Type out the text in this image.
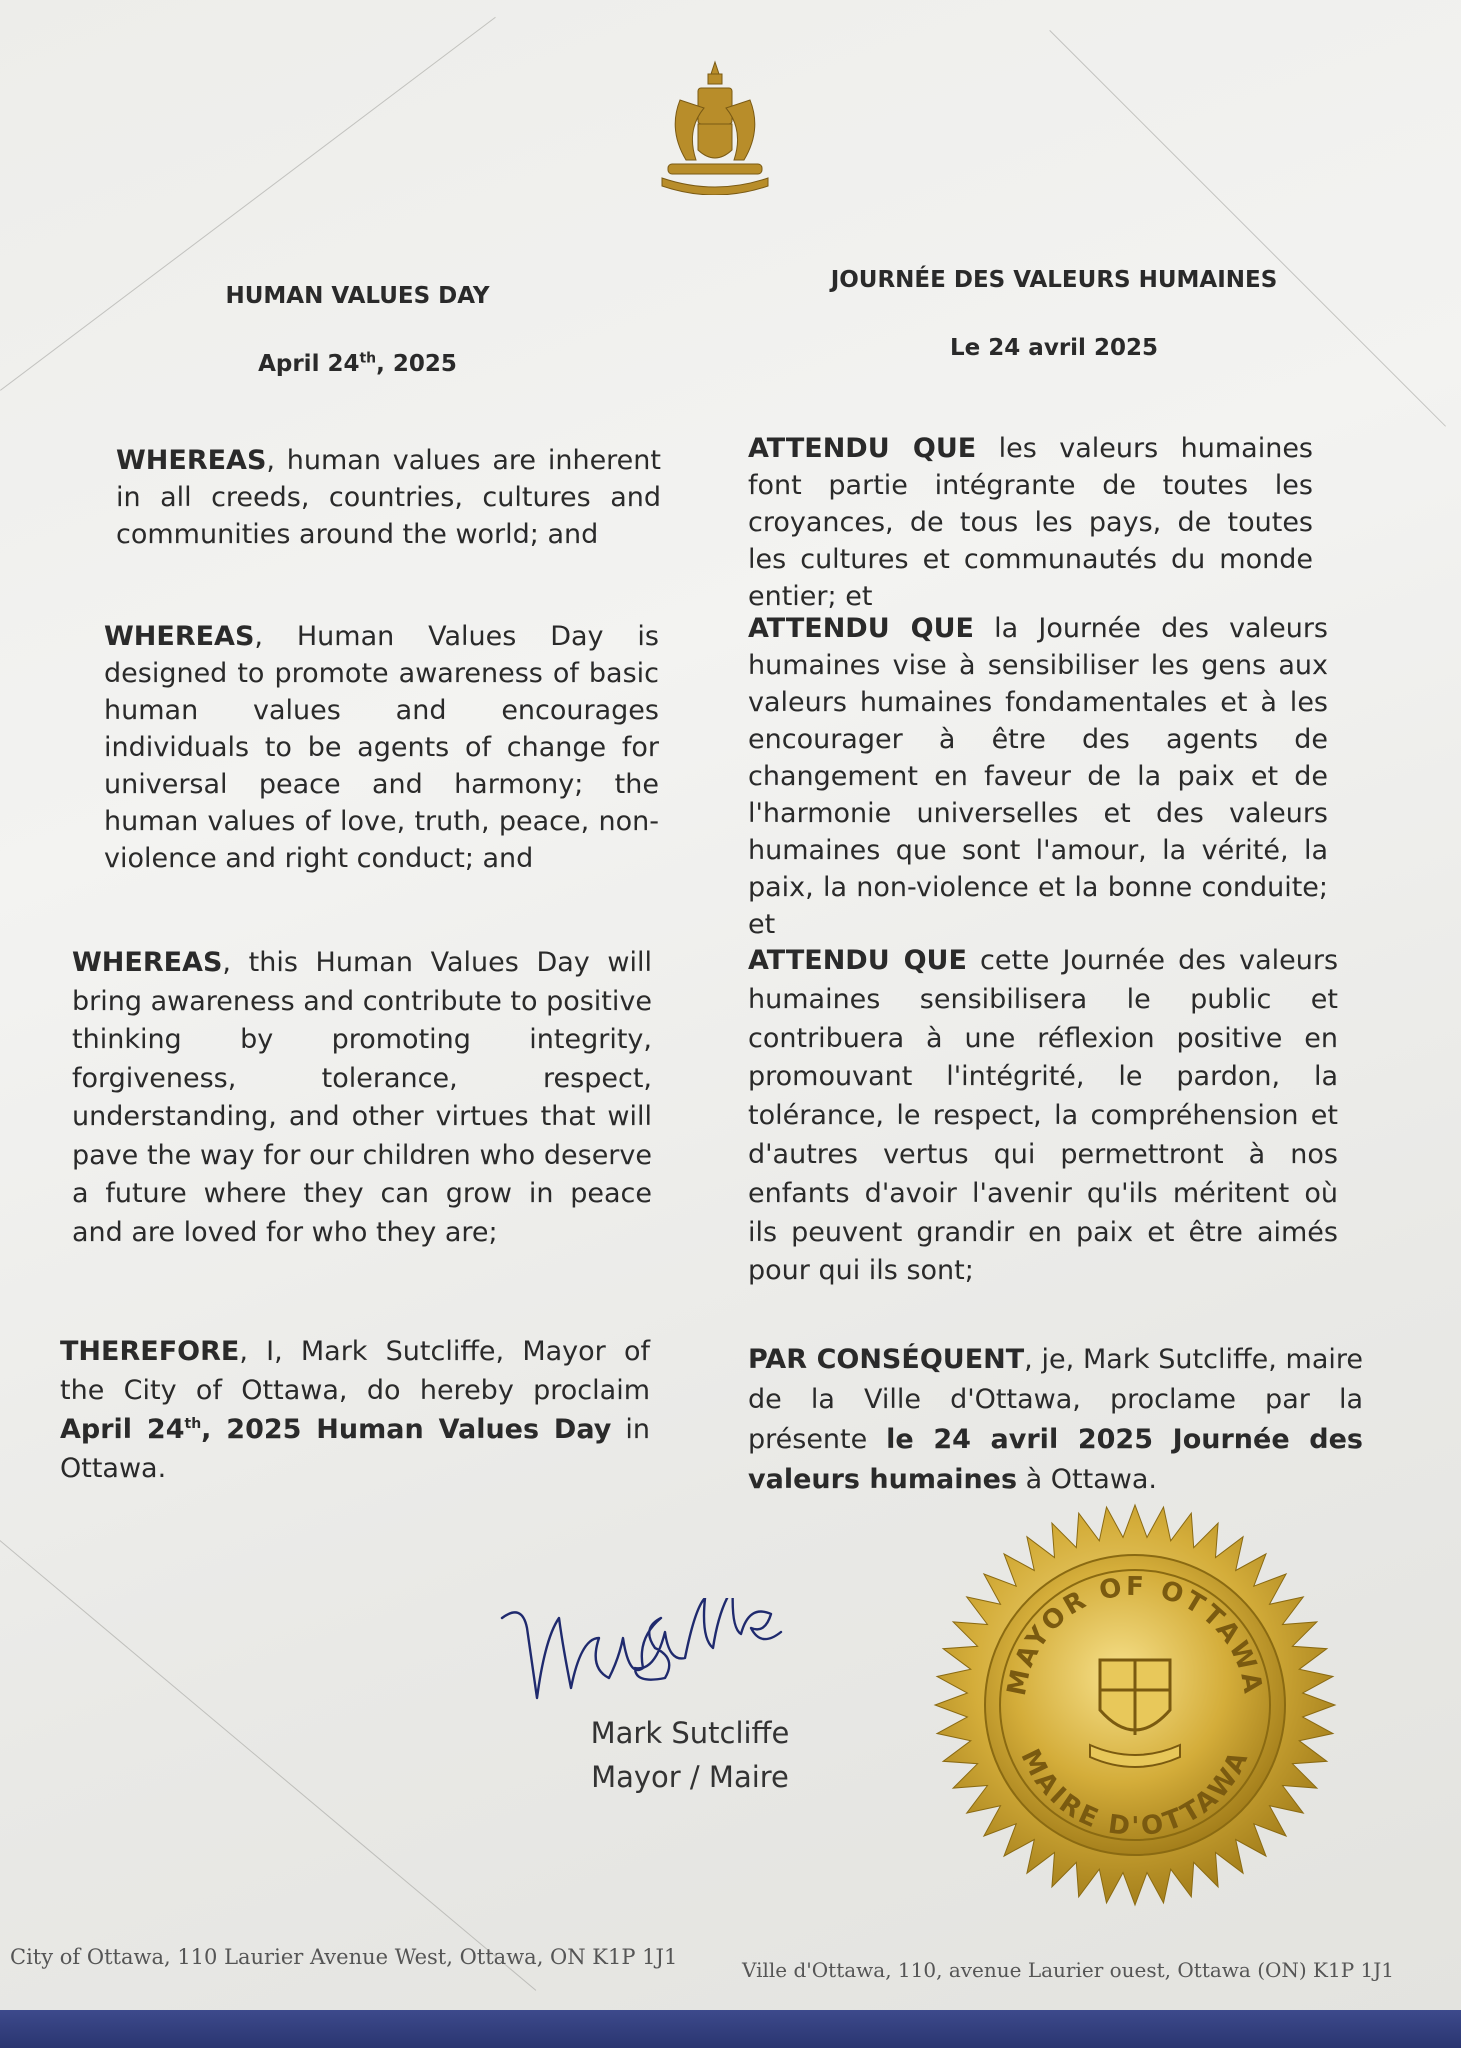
HUMAN VALUES DAY
April 24th, 2025
WHEREAS, human values are inherent in all creeds, countries, cultures and communities around the world; and
WHEREAS, Human Values Day is designed to promote awareness of basic human values and encourages individuals to be agents of change for universal peace and harmony; the human values of love, truth, peace, non-violence and right conduct; and
WHEREAS, this Human Values Day will bring awareness and contribute to positive thinking by promoting integrity, forgiveness, tolerance, respect, understanding, and other virtues that will pave the way for our children who deserve a future where they can grow in peace and are loved for who they are;
THEREFORE, I, Mark Sutcliffe, Mayor of the City of Ottawa, do hereby proclaim April 24th, 2025 Human Values Day in Ottawa.
JOURNÉE DES VALEURS HUMAINES
Le 24 avril 2025
ATTENDU QUE les valeurs humaines font partie intégrante de toutes les croyances, de tous les pays, de toutes les cultures et communautés du monde entier; et
ATTENDU QUE la Journée des valeurs humaines vise à sensibiliser les gens aux valeurs humaines fondamentales et à les encourager à être des agents de changement en faveur de la paix et de l'harmonie universelles et des valeurs humaines que sont l'amour, la vérité, la paix, la non-violence et la bonne conduite; et
ATTENDU QUE cette Journée des valeurs humaines sensibilisera le public et contribuera à une réflexion positive en promouvant l'intégrité, le pardon, la tolérance, le respect, la compréhension et d'autres vertus qui permettront à nos enfants d'avoir l'avenir qu'ils méritent où ils peuvent grandir en paix et être aimés pour qui ils sont;
PAR CONSÉQUENT, je, Mark Sutcliffe, maire de la Ville d'Ottawa, proclame par la présente le 24 avril 2025 Journée des valeurs humaines à Ottawa.
Mark Sutcliffe
Mayor / Maire
MAYOR OF OTTAWA
MAIRE D'OTTAWA
City of Ottawa, 110 Laurier Avenue West, Ottawa, ON K1P 1J1
Ville d'Ottawa, 110, avenue Laurier ouest, Ottawa (ON) K1P 1J1
